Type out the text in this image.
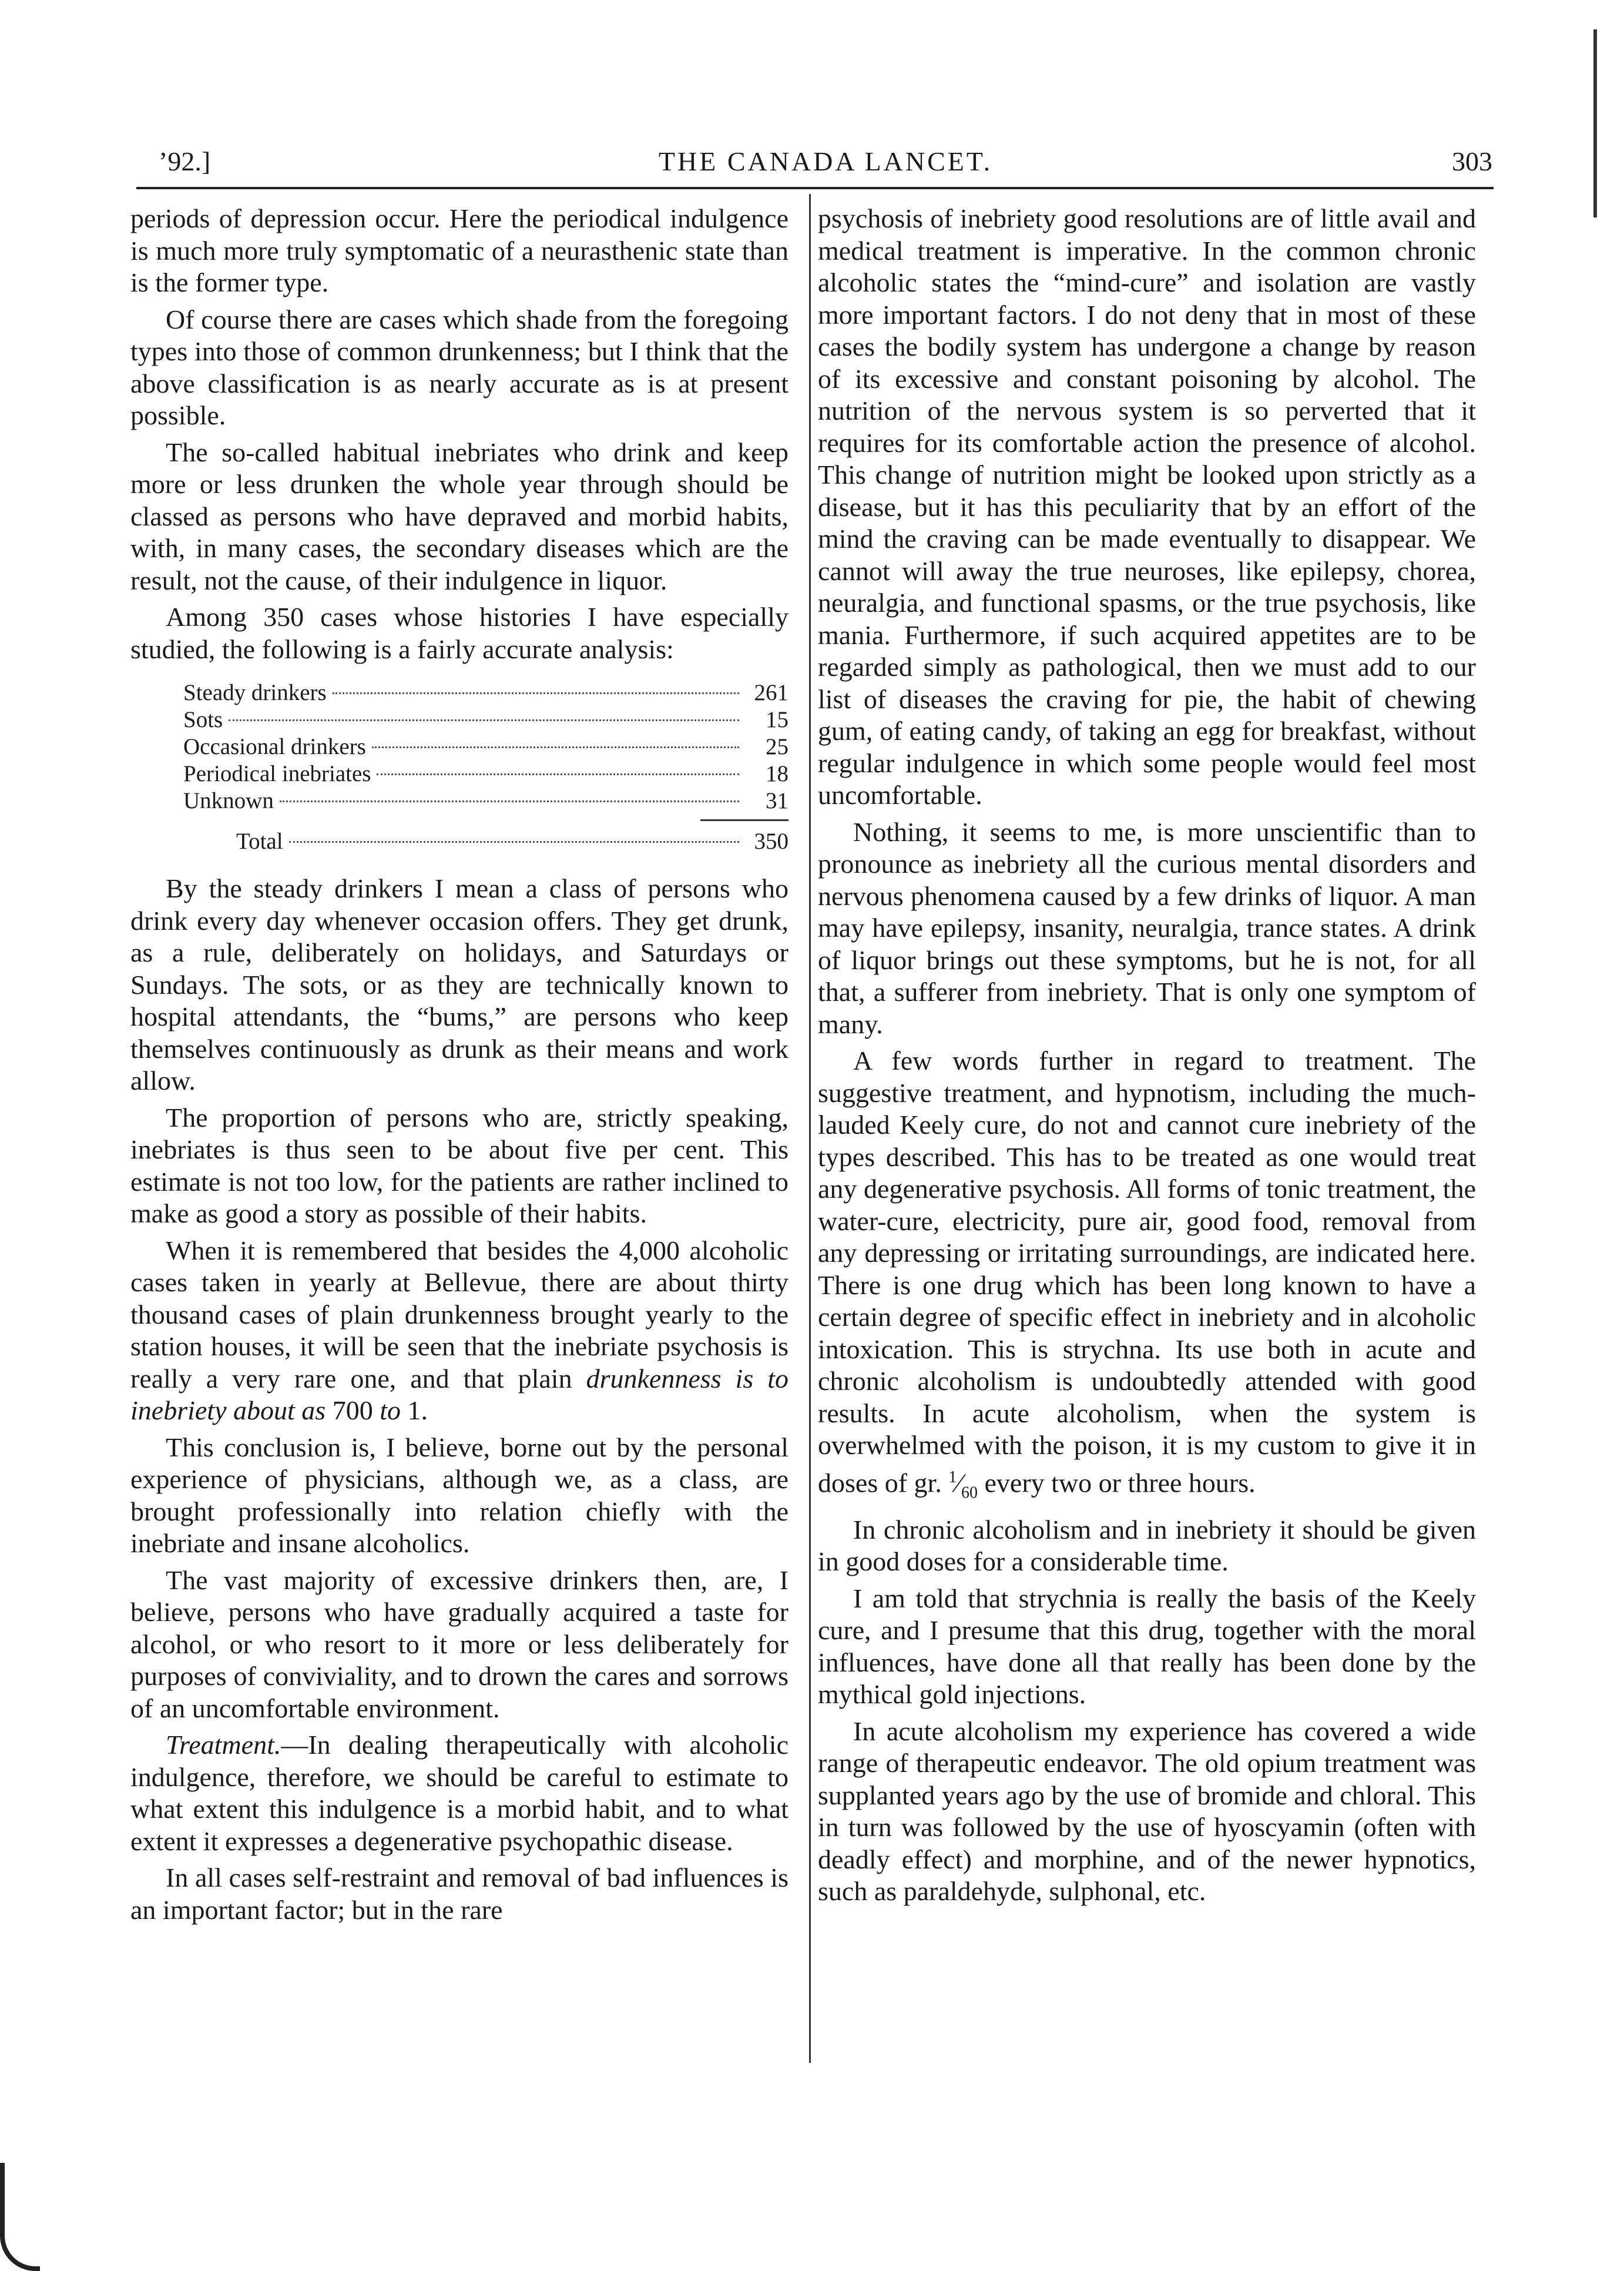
’92.]	THE CANADA LANCET.	303

periods of depression occur. Here the periodical indulgence is much more truly symptomatic of a neurasthenic state than is the former type.

Of course there are cases which shade from the foregoing types into those of common drunkenness; but I think that the above classification is as nearly accurate as is at present possible.

The so-called habitual inebriates who drink and keep more or less drunken the whole year through should be classed as persons who have depraved and morbid habits, with, in many cases, the secondary diseases which are the result, not the cause, of their indulgence in liquor.

Among 350 cases whose histories I have especially studied, the following is a fairly accurate analysis:

Steady drinkers	261
Sots	15
Occasional drinkers	25
Periodical inebriates	18
Unknown	31
Total	350

By the steady drinkers I mean a class of persons who drink every day whenever occasion offers. They get drunk, as a rule, deliberately on holidays, and Saturdays or Sundays. The sots, or as they are technically known to hospital attendants, the “bums,” are persons who keep themselves continuously as drunk as their means and work allow.

The proportion of persons who are, strictly speaking, inebriates is thus seen to be about five per cent. This estimate is not too low, for the patients are rather inclined to make as good a story as possible of their habits.

When it is remembered that besides the 4,000 alcoholic cases taken in yearly at Bellevue, there are about thirty thousand cases of plain drunkenness brought yearly to the station houses, it will be seen that the inebriate psychosis is really a very rare one, and that plain drunkenness is to inebriety about as 700 to 1.

This conclusion is, I believe, borne out by the personal experience of physicians, although we, as a class, are brought professionally into relation chiefly with the inebriate and insane alcoholics.

The vast majority of excessive drinkers then, are, I believe, persons who have gradually acquired a taste for alcohol, or who resort to it more or less deliberately for purposes of conviviality, and to drown the cares and sorrows of an uncomfortable environment.

Treatment.—In dealing therapeutically with alcoholic indulgence, therefore, we should be careful to estimate to what extent this indulgence is a morbid habit, and to what extent it expresses a degenerative psychopathic disease.

In all cases self-restraint and removal of bad influences is an important factor; but in the rare

psychosis of inebriety good resolutions are of little avail and medical treatment is imperative. In the common chronic alcoholic states the “mind-cure” and isolation are vastly more important factors. I do not deny that in most of these cases the bodily system has undergone a change by reason of its excessive and constant poisoning by alcohol. The nutrition of the nervous system is so perverted that it requires for its comfortable action the presence of alcohol. This change of nutrition might be looked upon strictly as a disease, but it has this peculiarity that by an effort of the mind the craving can be made eventually to disappear. We cannot will away the true neuroses, like epilepsy, chorea, neuralgia, and functional spasms, or the true psychosis, like mania. Furthermore, if such acquired appetites are to be regarded simply as pathological, then we must add to our list of diseases the craving for pie, the habit of chewing gum, of eating candy, of taking an egg for breakfast, without regular indulgence in which some people would feel most uncomfortable.

Nothing, it seems to me, is more unscientific than to pronounce as inebriety all the curious mental disorders and nervous phenomena caused by a few drinks of liquor. A man may have epilepsy, insanity, neuralgia, trance states. A drink of liquor brings out these symptoms, but he is not, for all that, a sufferer from inebriety. That is only one symptom of many.

A few words further in regard to treatment. The suggestive treatment, and hypnotism, including the much-lauded Keely cure, do not and cannot cure inebriety of the types described. This has to be treated as one would treat any degenerative psychosis. All forms of tonic treatment, the water-cure, electricity, pure air, good food, removal from any depressing or irritating surroundings, are indicated here. There is one drug which has been long known to have a certain degree of specific effect in inebriety and in alcoholic intoxication. This is strychna. Its use both in acute and chronic alcoholism is undoubtedly attended with good results. In acute alcoholism, when the system is overwhelmed with the poison, it is my custom to give it in doses of gr. $^1⁄_{60}$ every two or three hours.

In chronic alcoholism and in inebriety it should be given in good doses for a considerable time.

I am told that strychnia is really the basis of the Keely cure, and I presume that this drug, together with the moral influences, have done all that really has been done by the mythical gold injections.

In acute alcoholism my experience has covered a wide range of therapeutic endeavor. The old opium treatment was supplanted years ago by the use of bromide and chloral. This in turn was followed by the use of hyoscyamin (often with deadly effect) and morphine, and of the newer hypnotics, such as paraldehyde, sulphonal, etc.
